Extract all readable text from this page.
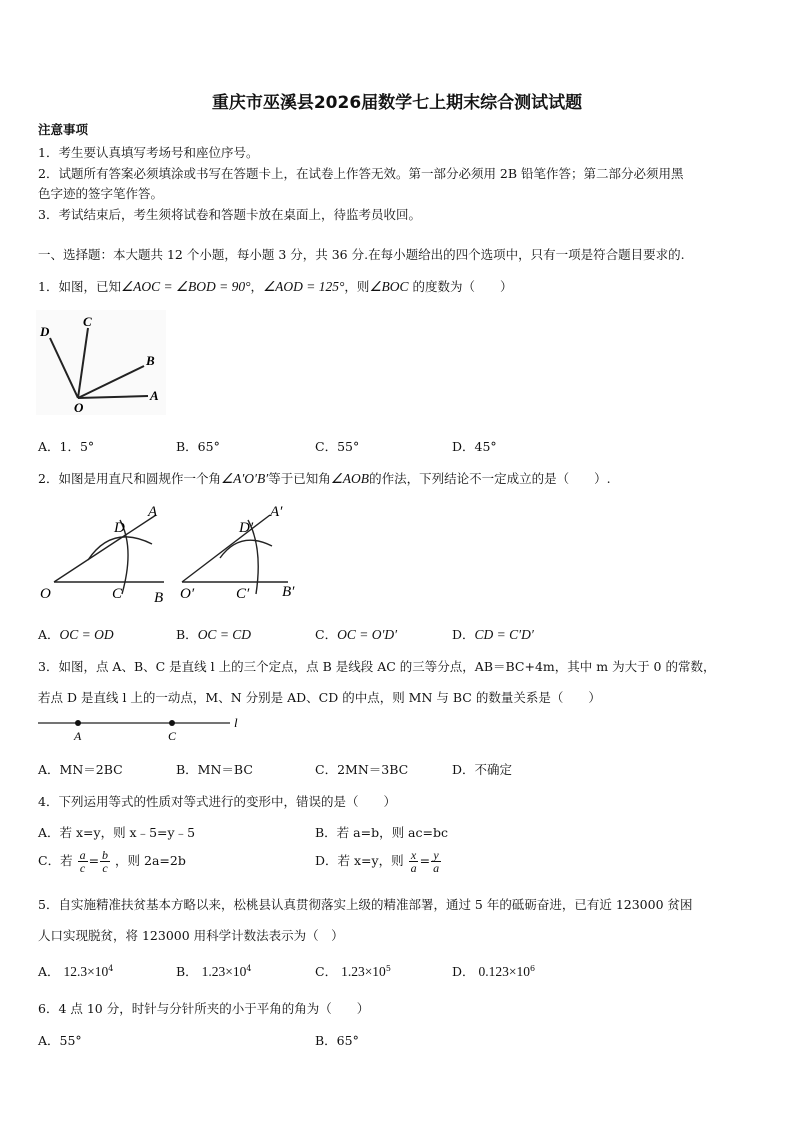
重庆市巫溪县2026届数学七上期末综合测试试题
注意事项
1．考生要认真填写考场号和座位序号。
2．试题所有答案必须填涂或书写在答题卡上，在试卷上作答无效。第一部分必须用 2B 铅笔作答；第二部分必须用黑
色字迹的签字笔作答。
3．考试结束后，考生须将试卷和答题卡放在桌面上，待监考员收回。
一、选择题：本大题共 12 个小题，每小题 3 分，共 36 分.在每小题给出的四个选项中，只有一项是符合题目要求的.
1．如图，已知∠AOC = ∠BOD = 90°，∠AOD = 125°，则∠BOC 的度数为（　　）
D
C
B
O
A
A．1．5°	B．65°	C．55°	D．45°
2．如图是用直尺和圆规作一个角∠A′O′B′等于已知角∠AOB的作法，下列结论不一定成立的是（　　）.
D
A
O	C B
D′
A′
O′	C′ B′
A．OC = OD	B．OC = CD	C．OC = O′D′	D．CD = C′D′
3．如图，点 A、B、C 是直线 l 上的三个定点，点 B 是线段 AC 的三等分点，AB＝BC+4m，其中 m 为大于 0 的常数，
若点 D 是直线 l 上的一动点，M、N 分别是 AD、CD 的中点，则 MN 与 BC 的数量关系是（　　）
A	C
l
A．MN＝2BC	B．MN＝BC	C．2MN＝3BC	D．不确定
4．下列运用等式的性质对等式进行的变形中，错误的是（　　）
A．若 x=y，则 x﹣5=y﹣5	B．若 a=b，则 ac=bc
C．若 $\frac{a}{c} = \frac{b}{c}$ ，则 2a=2b	D．若 x=y，则 $\frac{x}{a} = \frac{y}{a}$
5．自实施精准扶贫基本方略以来，松桃县认真贯彻落实上级的精准部署，通过 5 年的砥砺奋进，已有近 123000 贫困
人口实现脱贫，将 123000 用科学计数法表示为（　）
A． $12.3\times 10^4$	B． $1.23\times 10^4$	C． $1.23\times 10^5$	D． $0.123\times 10^6$
6．4 点 10 分，时针与分针所夹的小于平角的角为（　　）
A．55°	B．65°
